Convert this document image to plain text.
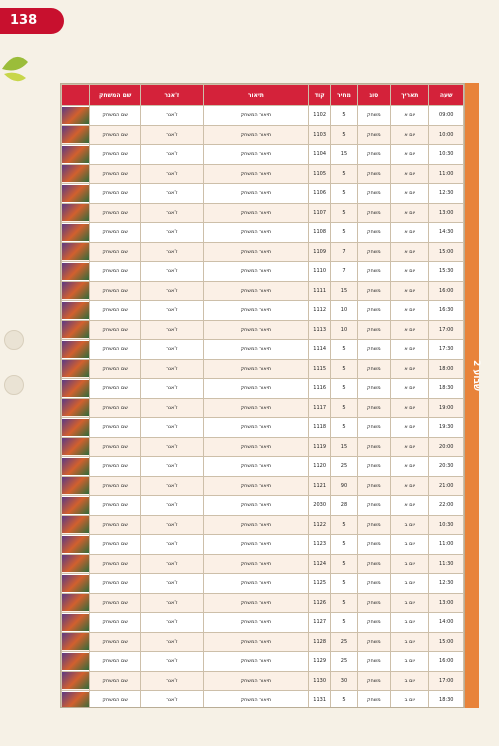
138
2 שבוע
	שם המשחק	ז'אנר	תיאור	קוד	מחיר	סוג	תאריך	שעה

	שם המשחק	ז'אנר	תיאור המשחק	1102	5	משחק	יום א	09:00

	שם המשחק	ז'אנר	תיאור המשחק	1103	5	משחק	יום א	10:00

	שם המשחק	ז'אנר	תיאור המשחק	1104	15	משחק	יום א	10:30

	שם המשחק	ז'אנר	תיאור המשחק	1105	5	משחק	יום א	11:00

	שם המשחק	ז'אנר	תיאור המשחק	1106	5	משחק	יום א	12:30

	שם המשחק	ז'אנר	תיאור המשחק	1107	5	משחק	יום א	13:00

	שם המשחק	ז'אנר	תיאור המשחק	1108	5	משחק	יום א	14:30

	שם המשחק	ז'אנר	תיאור המשחק	1109	7	משחק	יום א	15:00

	שם המשחק	ז'אנר	תיאור המשחק	1110	7	משחק	יום א	15:30

	שם המשחק	ז'אנר	תיאור המשחק	1111	15	משחק	יום א	16:00

	שם המשחק	ז'אנר	תיאור המשחק	1112	10	משחק	יום א	16:30

	שם המשחק	ז'אנר	תיאור המשחק	1113	10	משחק	יום א	17:00

	שם המשחק	ז'אנר	תיאור המשחק	1114	5	משחק	יום א	17:30

	שם המשחק	ז'אנר	תיאור המשחק	1115	5	משחק	יום א	18:00

	שם המשחק	ז'אנר	תיאור המשחק	1116	5	משחק	יום א	18:30

	שם המשחק	ז'אנר	תיאור המשחק	1117	5	משחק	יום א	19:00

	שם המשחק	ז'אנר	תיאור המשחק	1118	5	משחק	יום א	19:30

	שם המשחק	ז'אנר	תיאור המשחק	1119	15	משחק	יום א	20:00

	שם המשחק	ז'אנר	תיאור המשחק	1120	25	משחק	יום א	20:30

	שם המשחק	ז'אנר	תיאור המשחק	1121	90	משחק	יום א	21:00

	שם המשחק	ז'אנר	תיאור המשחק	2030	28	משחק	יום א	22:00

	שם המשחק	ז'אנר	תיאור המשחק	1122	5	משחק	יום ב	10:30

	שם המשחק	ז'אנר	תיאור המשחק	1123	5	משחק	יום ב	11:00

	שם המשחק	ז'אנר	תיאור המשחק	1124	5	משחק	יום ב	11:30

	שם המשחק	ז'אנר	תיאור המשחק	1125	5	משחק	יום ב	12:30

	שם המשחק	ז'אנר	תיאור המשחק	1126	5	משחק	יום ב	13:00

	שם המשחק	ז'אנר	תיאור המשחק	1127	5	משחק	יום ב	14:00

	שם המשחק	ז'אנר	תיאור המשחק	1128	25	משחק	יום ב	15:00

	שם המשחק	ז'אנר	תיאור המשחק	1129	25	משחק	יום ב	16:00

	שם המשחק	ז'אנר	תיאור המשחק	1130	30	משחק	יום ב	17:00

	שם המשחק	ז'אנר	תיאור המשחק	1131	5	משחק	יום ב	18:30
